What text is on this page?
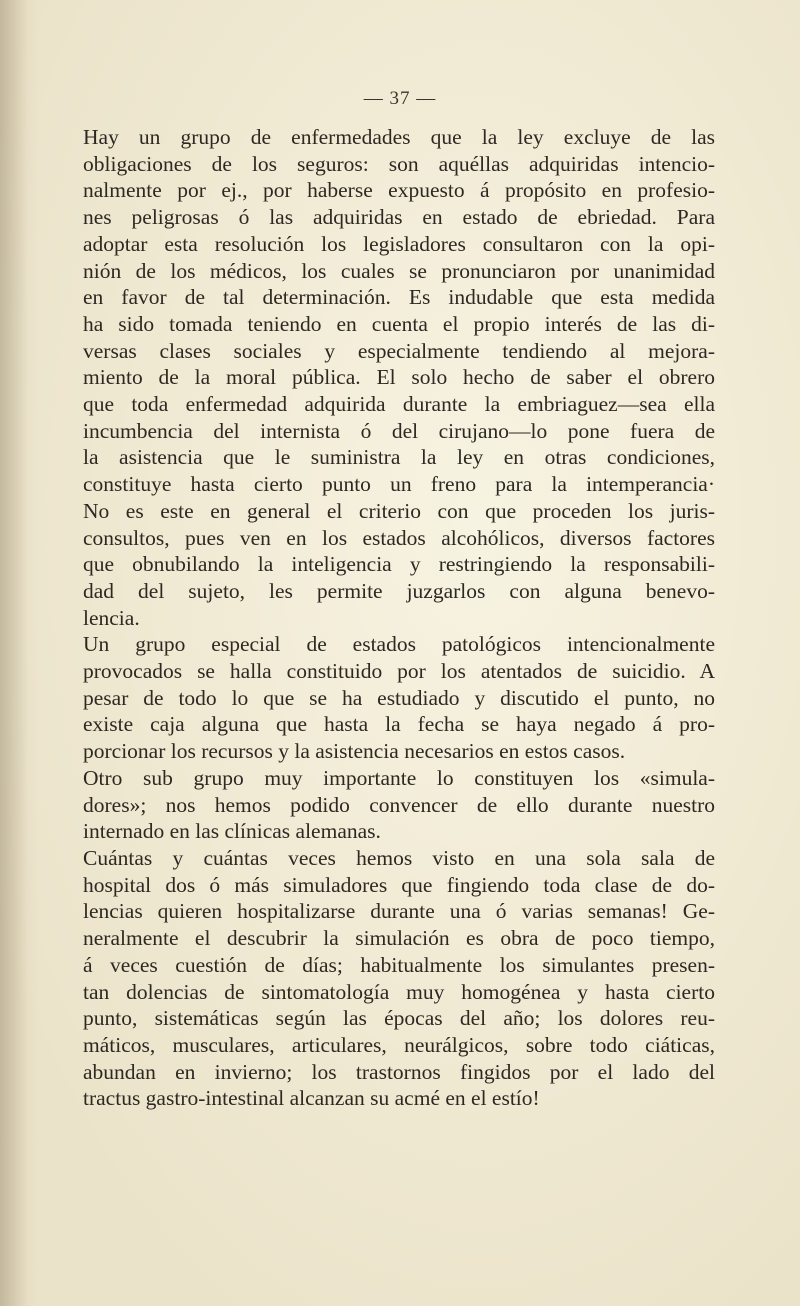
— 37 —
Hay un grupo de enfermedades que la ley excluye de las
obligaciones de los seguros: son aquéllas adquiridas intencio-
nalmente por ej., por haberse expuesto á propósito en profesio-
nes peligrosas ó las adquiridas en estado de ebriedad. Para
adoptar esta resolución los legisladores consultaron con la opi-
nión de los médicos, los cuales se pronunciaron por unanimidad
en favor de tal determinación. Es indudable que esta medida
ha sido tomada teniendo en cuenta el propio interés de las di-
versas clases sociales y especialmente tendiendo al mejora-
miento de la moral pública. El solo hecho de saber el obrero
que toda enfermedad adquirida durante la embriaguez—sea ella
incumbencia del internista ó del cirujano—lo pone fuera de
la asistencia que le suministra la ley en otras condiciones,
constituye hasta cierto punto un freno para la intemperancia·
No es este en general el criterio con que proceden los juris-
consultos, pues ven en los estados alcohólicos, diversos factores
que obnubilando la inteligencia y restringiendo la responsabili-
dad del sujeto, les permite juzgarlos con alguna benevo-
lencia.
Un grupo especial de estados patológicos intencionalmente
provocados se halla constituido por los atentados de suicidio. A
pesar de todo lo que se ha estudiado y discutido el punto, no
existe caja alguna que hasta la fecha se haya negado á pro-
porcionar los recursos y la asistencia necesarios en estos casos.
Otro sub grupo muy importante lo constituyen los «simula-
dores»; nos hemos podido convencer de ello durante nuestro
internado en las clínicas alemanas.
Cuántas y cuántas veces hemos visto en una sola sala de
hospital dos ó más simuladores que fingiendo toda clase de do-
lencias quieren hospitalizarse durante una ó varias semanas! Ge-
neralmente el descubrir la simulación es obra de poco tiempo,
á veces cuestión de días; habitualmente los simulantes presen-
tan dolencias de sintomatología muy homogénea y hasta cierto
punto, sistemáticas según las épocas del año; los dolores reu-
máticos, musculares, articulares, neurálgicos, sobre todo ciáticas,
abundan en invierno; los trastornos fingidos por el lado del
tractus gastro-intestinal alcanzan su acmé en el estío!
